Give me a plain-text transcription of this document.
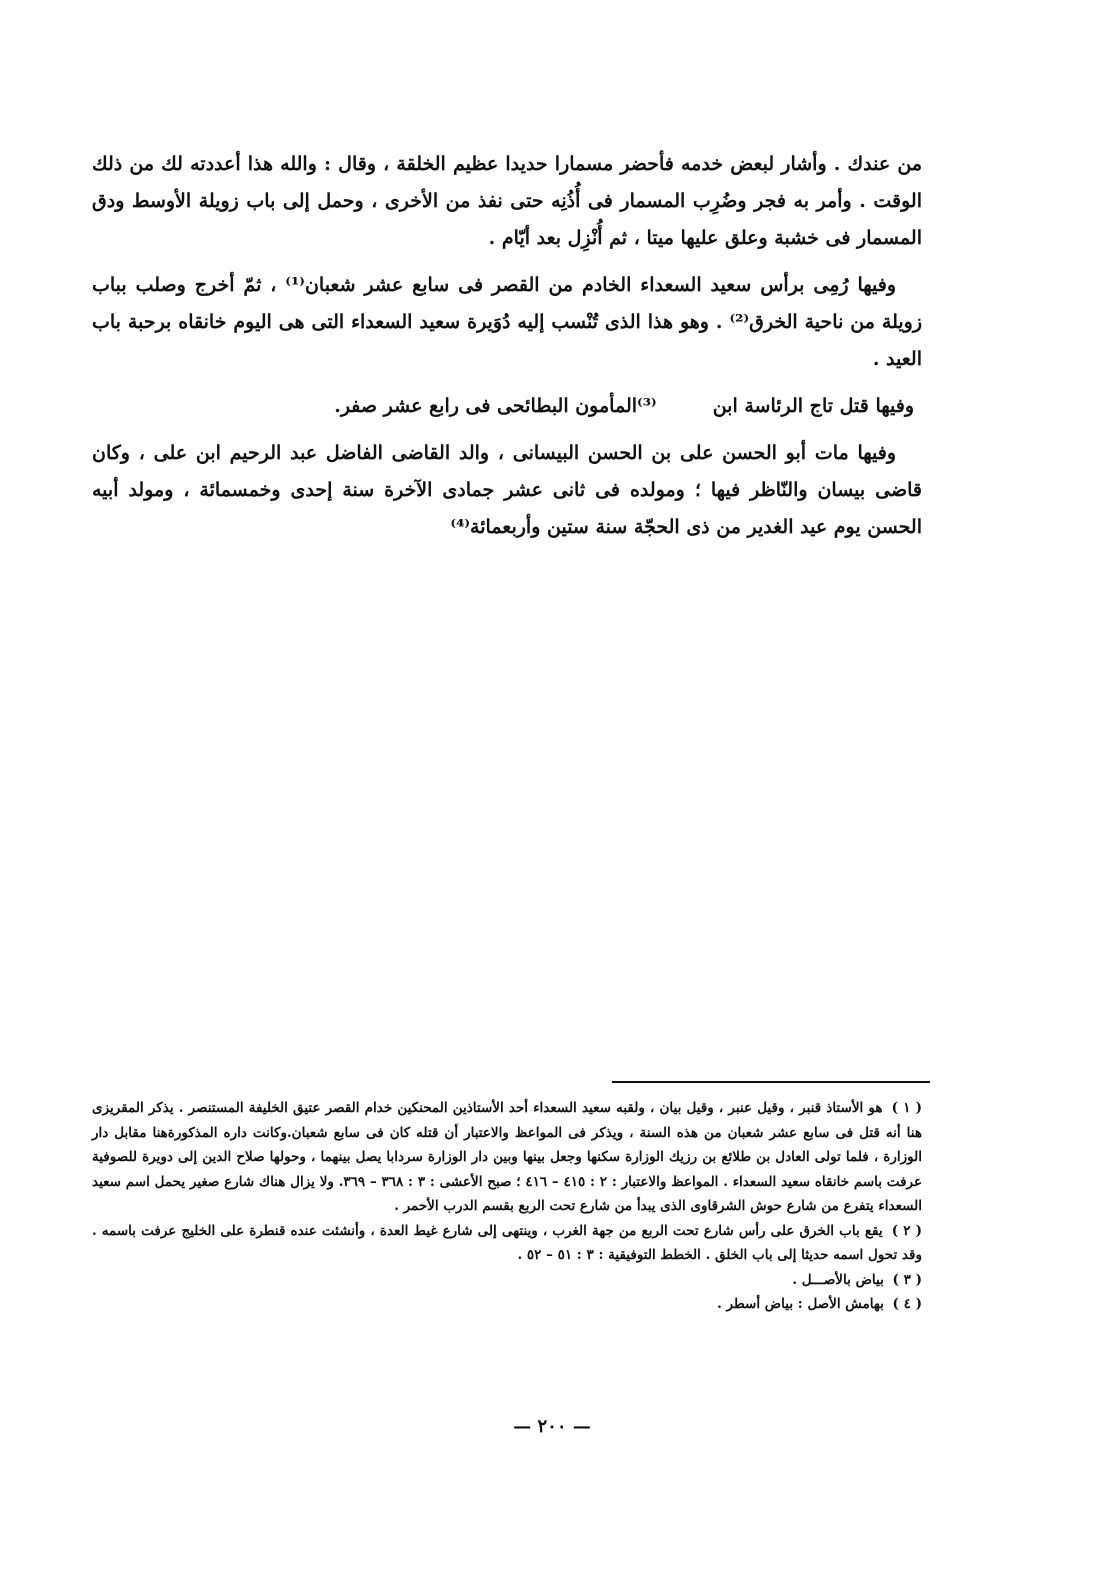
من عندك . وأشار لبعض خدمه فأحضر مسمارا حديدا عظيم الخلقة ، وقال : والله هذا أعددته لك من ذلك الوقت . وأمر به فجر وضُرِب المسمار فى أُذُنِه حتى نفذ من الأخرى ، وحمل إلى باب زويلة الأوسط ودق المسمار فى خشبة وعلق عليها ميتا ، ثم أُنْزِل بعد أيّام .

وفيها رُمِى برأس سعيد السعداء الخادم من القصر فى سابع عشر شعبان⁽¹⁾ ، ثمّ أخرج وصلب بباب زويلة من ناحية الخرق⁽²⁾ . وهو هذا الذى تُنْسب إليه دُوَيرة سعيد السعداء التى هى اليوم خانقاه برحبة باب العيد .

وفيها قتل تاج الرئاسة ابن⁽³⁾المأمون البطائحى فى رابع عشر صفر.

وفيها مات أبو الحسن على بن الحسن البيسانى ، والد القاضى الفاضل عبد الرحيم ابن على ، وكان قاضى بيسان والنّاظر فيها ؛ ومولده فى ثانى عشر جمادى الآخرة سنة إحدى وخمسمائة ، ومولد أبيه الحسن يوم عيد الغدير من ذى الحجّة سنة ستين وأربعمائة⁽⁴⁾

( ١ ) هو الأستاذ قنبر ، وقيل عنبر ، وقيل بيان ، ولقبه سعيد السعداء أحد الأستاذين المحنكين خدام القصر عتيق الخليفة المستنصر . يذكر المقريزى هنا أنه قتل فى سابع عشر شعبان من هذه السنة ، ويذكر فى المواعظ والاعتبار أن قتله كان فى سابع شعبان.وكانت داره المذكورةهنا مقابل دار الوزارة ، فلما تولى العادل بن طلائع بن رزيك الوزارة سكنها وجعل بينها وبين دار الوزارة سردابا يصل بينهما ، وحولها صلاح الدين إلى دويرة للصوفية عرفت باسم خانقاه سعيد السعداء . المواعظ والاعتبار : ٢ : ٤١٥ – ٤١٦ ؛ صبح الأعشى : ٣ : ٣٦٨ – ٣٦٩. ولا يزال هناك شارع صغير يحمل اسم سعيد السعداء يتفرع من شارع حوش الشرقاوى الذى يبدأ من شارع تحت الربع بقسم الدرب الأحمر .

( ٢ ) يقع باب الخرق على رأس شارع تحت الربع من جهة الغرب ، وينتهى إلى شارع غيط العدة ، وأنشئت عنده قنطرة على الخليج عرفت باسمه . وقد تحول اسمه حديثا إلى باب الخلق . الخطط التوفيقية : ٣ : ٥١ – ٥٢ .

( ٣ ) بياض بالأصـــل .

( ٤ ) بهامش الأصل : بياض أسطر .

— ٢٠٠ —
